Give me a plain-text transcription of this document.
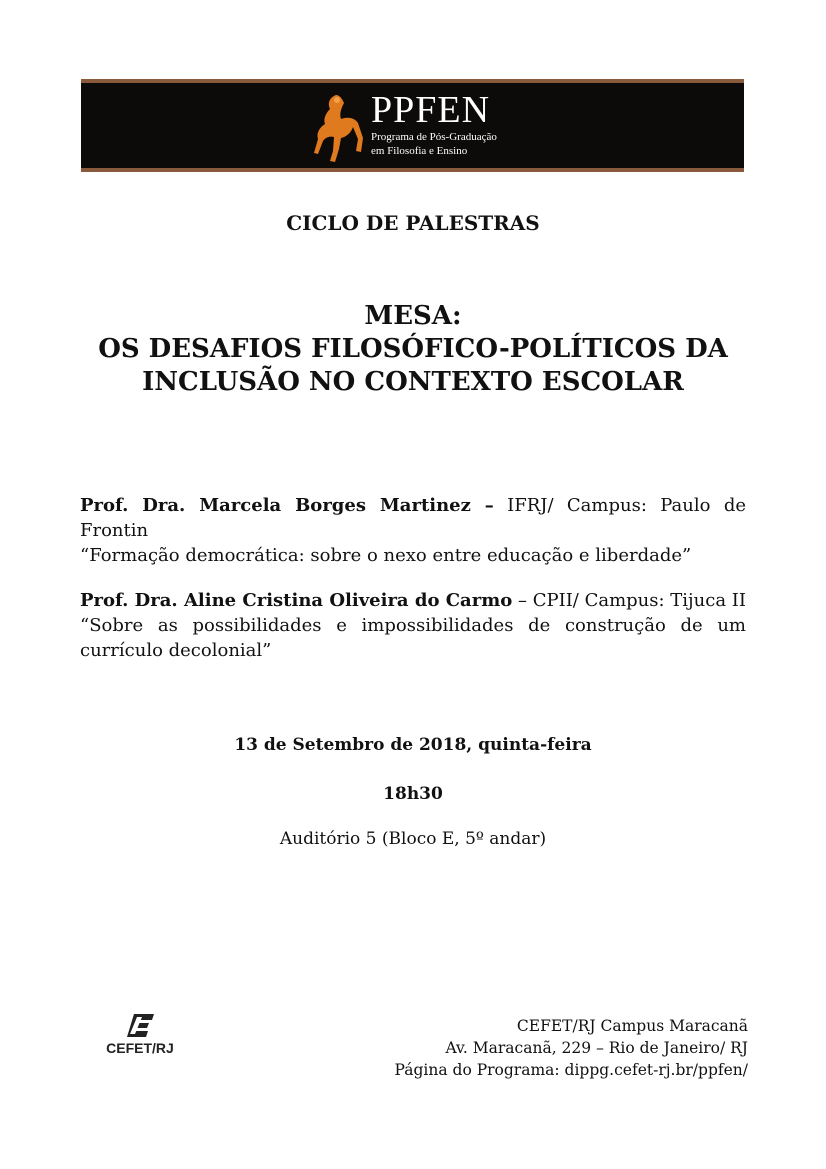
PPFEN
Programa de Pós-Graduação
em Filosofia e Ensino
CICLO DE PALESTRAS
MESA:
OS DESAFIOS FILOSÓFICO-POLÍTICOS DA
INCLUSÃO NO CONTEXTO ESCOLAR
Prof. Dra. Marcela Borges Martinez – IFRJ/ Campus: Paulo de Frontin
“Formação democrática: sobre o nexo entre educação e liberdade”
Prof. Dra. Aline Cristina Oliveira do Carmo – CPII/ Campus: Tijuca II
“Sobre as possibilidades e impossibilidades de construção de um currículo decolonial”
13 de Setembro de 2018, quinta-feira
18h30
Auditório 5 (Bloco E, 5º andar)
CEFET/RJ
CEFET/RJ Campus Maracanã
Av. Maracanã, 229 – Rio de Janeiro/ RJ
Página do Programa: dippg.cefet-rj.br/ppfen/
